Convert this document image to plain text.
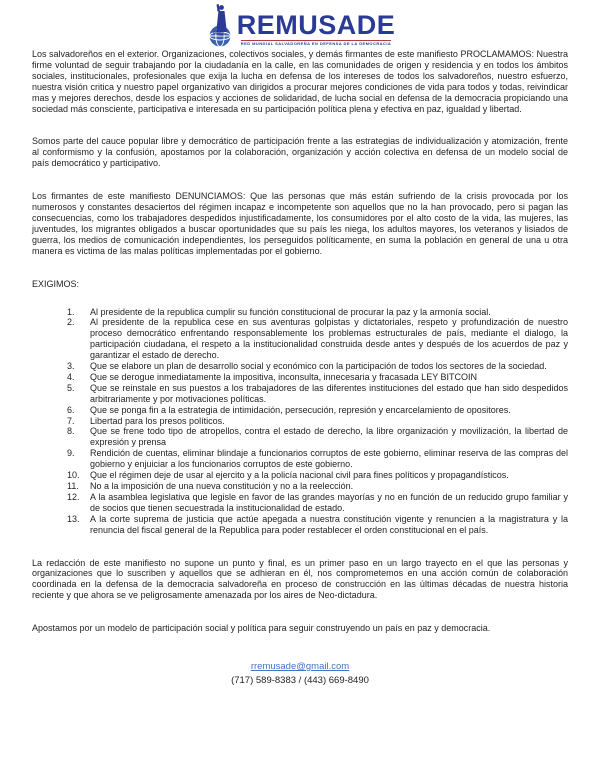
REMUSADE
RED MUNDIAL SALVADOREÑA EN DEFENSA DE LA DEMOCRACIA

Los salvadoreños en el exterior. Organizaciones, colectivos sociales, y demás firmantes de este manifiesto PROCLAMAMOS: Nuestra firme voluntad de seguir trabajando por la ciudadanía en la calle, en las comunidades de origen y residencia y en todos los ámbitos sociales, institucionales, profesionales que exija la lucha en defensa de los intereses de todos los salvadoreños, nuestro esfuerzo, nuestra visión critica y nuestro papel organizativo van dirigidos a procurar mejores condiciones de vida para todos y todas, reivindicar mas y mejores derechos, desde los espacios y acciones de solidaridad, de lucha social en defensa de la democracia propiciando una sociedad más consciente, participativa e interesada en su participación política plena y efectiva en paz, igualdad y libertad.

Somos parte del cauce popular libre y democrático de participación frente a las estrategias de individualización y atomización, frente al conformismo y la confusión, apostamos por la colaboración, organización y acción colectiva en defensa de un modelo social de país democrático y participativo.

Los firmantes de este manifiesto DENUNCIAMOS: Que las personas que más están sufriendo de la crisis provocada por los numerosos y constantes desaciertos del régimen incapaz e incompetente son aquellos que no la han provocado, pero si pagan las consecuencias, como los trabajadores despedidos injustificadamente, los consumidores por el alto costo de la vida, las mujeres, las juventudes, los migrantes obligados a buscar oportunidades que su país les niega, los adultos mayores, los veteranos y lisiados de guerra, los medios de comunicación independientes, los perseguidos políticamente, en suma la población en general de una u otra manera es victima de las malas políticas implementadas por el gobierno.

EXIGIMOS:
Al presidente de la republica cumplir su función constitucional de procurar la paz y la armonía social.
Al presidente de la republica cese en sus aventuras golpistas y dictatoriales, respeto y profundización de nuestro proceso democrático enfrentando responsablemente los problemas estructurales de país, mediante el dialogo, la participación ciudadana, el respeto a la institucionalidad construida desde antes y después de los acuerdos de paz y garantizar el estado de derecho.
Que se elabore un plan de desarrollo social y económico con la participación de todos los sectores de la sociedad.
Que se derogue inmediatamente la impositiva, inconsulta, innecesaria y fracasada LEY BITCOIN
Que se reinstale en sus puestos a los trabajadores de las diferentes instituciones del estado que han sido despedidos arbitrariamente y por motivaciones políticas.
Que se ponga fin a la estrategia de intimidación, persecución, represión y encarcelamiento de opositores.
Libertad para los presos políticos.
Que se frene todo tipo de atropellos, contra el estado de derecho, la libre organización y movilización, la libertad de expresión y prensa
Rendición de cuentas, eliminar blindaje a funcionarios corruptos de este gobierno, eliminar reserva de las compras del gobierno y enjuiciar a los funcionarios corruptos de este gobierno.
Que el régimen deje de usar al ejercito y a la policía nacional civil para fines políticos y propagandísticos.
No a la imposición de una nueva constitución y no a la reelección.
A la asamblea legislativa que legisle en favor de las grandes mayorías y no en función de un reducido grupo familiar y de socios que tienen secuestrada la institucionalidad de estado.
A la corte suprema de justicia que actúe apegada a nuestra constitución vigente y renuncien a la magistratura y la renuncia del fiscal general de la Republica para poder restablecer el orden constitucional en el país.

La redacción de este manifiesto no supone un punto y final, es un primer paso en un largo trayecto en el que las personas y organizaciones que lo suscriben y aquellos que se adhieran en él, nos comprometemos en una acción común de colaboración coordinada en la defensa de la democracia salvadoreña en proceso de construcción en las últimas décadas de nuestra historia reciente y que ahora se ve peligrosamente amenazada por los aires de Neo-dictadura.

Apostamos por un modelo de participación social y política para seguir construyendo un país en paz y democracia.

rremusade@gmail.com
(717) 589-8383 / (443) 669-8490
